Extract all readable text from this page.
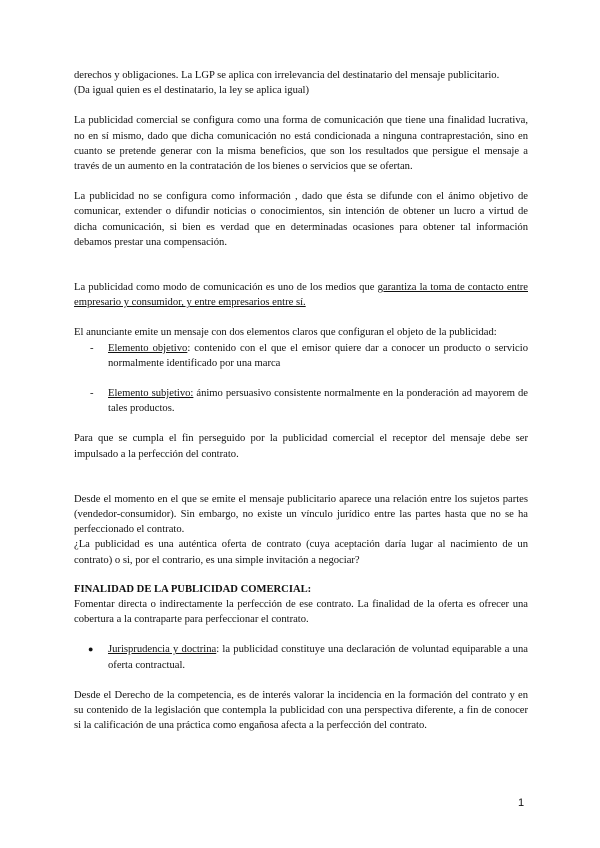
derechos y obligaciones. La LGP se aplica con irrelevancia del destinatario del mensaje publicitario.
(Da igual quien es el destinatario, la ley se aplica igual)

La publicidad comercial se configura como una forma de comunicación que tiene una finalidad lucrativa, no en sí mismo, dado que dicha comunicación no está condicionada a ninguna contraprestación, sino en cuanto se pretende generar con la misma beneficios, que son los resultados que persigue el mensaje a través de un aumento en la contratación de los bienes o servicios que se ofertan.

La publicidad no se configura como información , dado que ésta se difunde con el ánimo objetivo de comunicar, extender o difundir noticias o conocimientos, sin intención de obtener un lucro a virtud de dicha comunicación, si bien es verdad que en determinadas ocasiones para obtener tal información debamos prestar una compensación.

La publicidad como modo de comunicación es uno de los medios que garantiza la toma de contacto entre empresario y consumidor, y entre empresarios entre sí.

El anunciante emite un mensaje con dos elementos claros que configuran el objeto de la publicidad:

- Elemento objetivo: contenido con el que el emisor quiere dar a conocer un producto o servicio normalmente identificado por una marca
- Elemento subjetivo: ánimo persuasivo consistente normalmente en la ponderación ad mayorem de tales productos.

Para que se cumpla el fin perseguido por la publicidad comercial el receptor del mensaje debe ser impulsado a la perfección del contrato.

Desde el momento en el que se emite el mensaje publicitario aparece una relación entre los sujetos partes (vendedor-consumidor). Sin embargo, no existe un vínculo jurídico entre las partes hasta que no se ha perfeccionado el contrato.

¿La publicidad es una auténtica oferta de contrato (cuya aceptación daría lugar al nacimiento de un contrato) o si, por el contrario, es una simple invitación a negociar?

FINALIDAD DE LA PUBLICIDAD COMERCIAL:

Fomentar directa o indirectamente la perfección de ese contrato. La finalidad de la oferta es ofrecer una cobertura a la contraparte para perfeccionar el contrato.

● Jurisprudencia y doctrina: la publicidad constituye una declaración de voluntad equiparable a una oferta contractual.

Desde el Derecho de la competencia, es de interés valorar la incidencia en la formación del contrato y en su contenido de la legislación que contempla la publicidad con una perspectiva diferente, a fin de conocer si la calificación de una práctica como engañosa afecta a la perfección del contrato.

1
